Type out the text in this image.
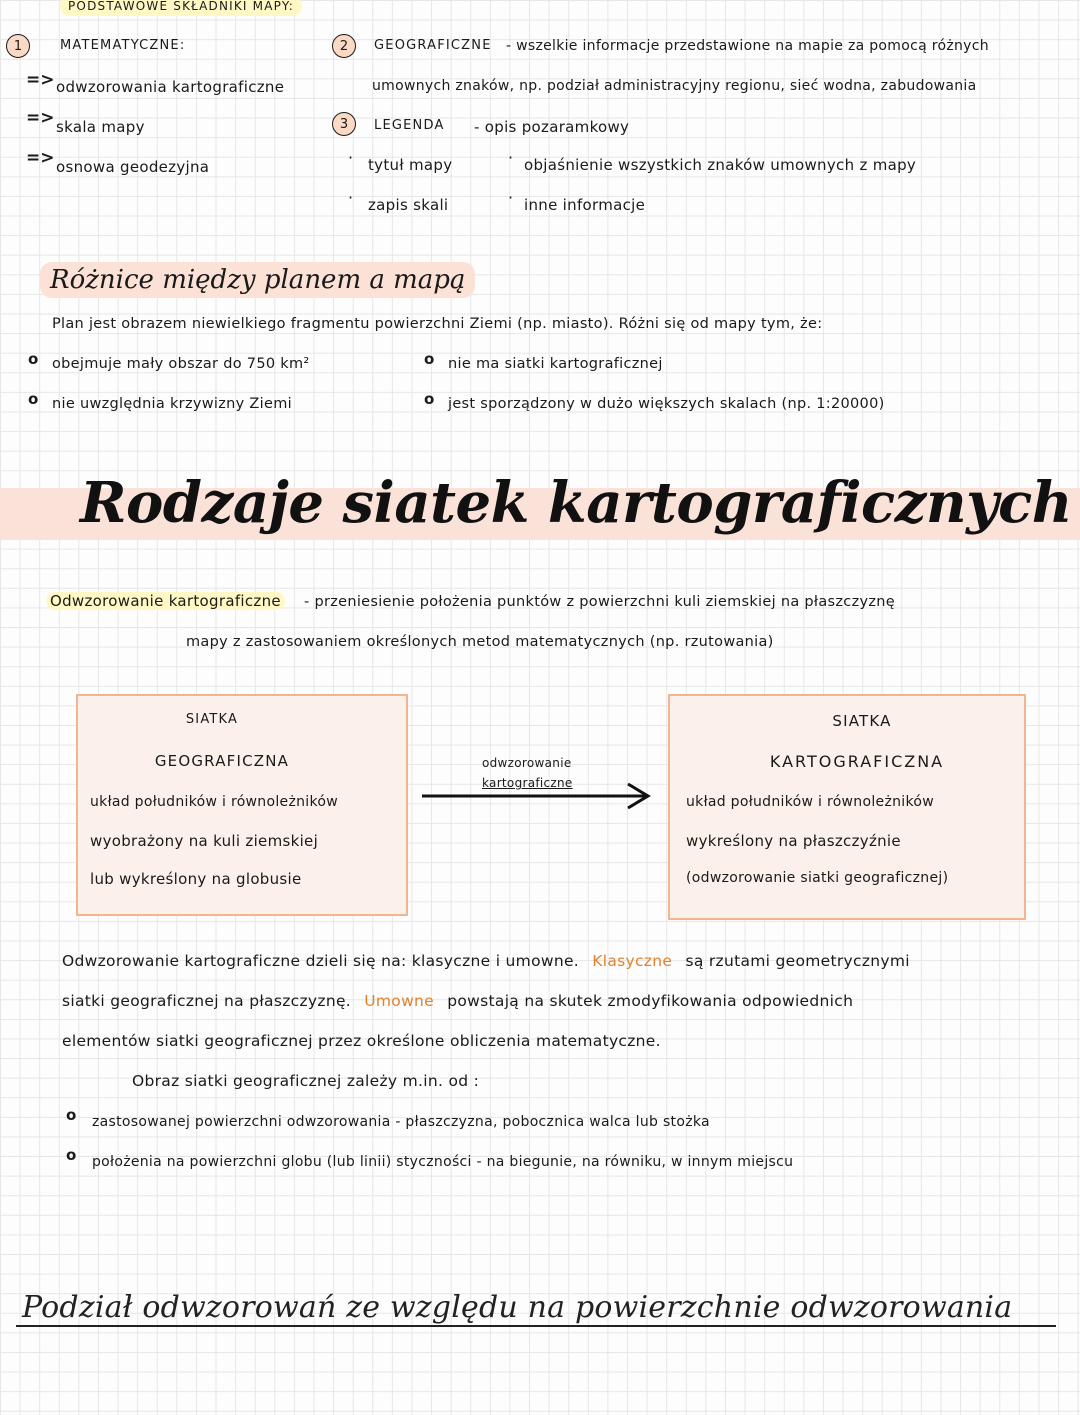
PODSTAWOWE SKŁADNIKI MAPY:
1	MATEMATYCZNE:
=> odwzorowania kartograficzne
=> skala mapy
=> osnowa geodezyjna
2	GEOGRAFICZNE - wszelkie informacje przedstawione na mapie za pomocą różnych
umownych znaków, np. podział administracyjny regionu, sieć wodna, zabudowania
3	LEGENDA - opis pozaramkowy
· tytuł mapy
· zapis skali
· objaśnienie wszystkich znaków umownych z mapy
· inne informacje
Różnice między planem a mapą
Plan jest obrazem niewielkiego fragmentu powierzchni Ziemi (np. miasto). Różni się od mapy tym, że:
o obejmuje mały obszar do 750 km²
o nie uwzględnia krzywizny Ziemi
o nie ma siatki kartograficznej
o jest sporządzony w dużo większych skalach (np. 1:20000)
Rodzaje siatek kartograficznych
Odwzorowanie kartograficzne - przeniesienie położenia punktów z powierzchni kuli ziemskiej na płaszczyznę
mapy z zastosowaniem określonych metod matematycznych (np. rzutowania)
SIATKA
GEOGRAFICZNA
układ południków i równoleżników
wyobrażony na kuli ziemskiej
lub wykreślony na globusie
odwzorowanie
kartograficzne
SIATKA
KARTOGRAFICZNA
układ południków i równoleżników
wykreślony na płaszczyźnie
(odwzorowanie siatki geograficznej)
Odwzorowanie kartograficzne dzieli się na: klasyczne i umowne. Klasyczne są rzutami geometrycznymi
siatki geograficznej na płaszczyznę. Umowne powstają na skutek zmodyfikowania odpowiednich
elementów siatki geograficznej przez określone obliczenia matematyczne.
Obraz siatki geograficznej zależy m.in. od :
o zastosowanej powierzchni odwzorowania - płaszczyzna, pobocznica walca lub stożka
o położenia na powierzchni globu (lub linii) styczności - na biegunie, na równiku, w innym miejscu
Podział odwzorowań ze względu na powierzchnie odwzorowania
